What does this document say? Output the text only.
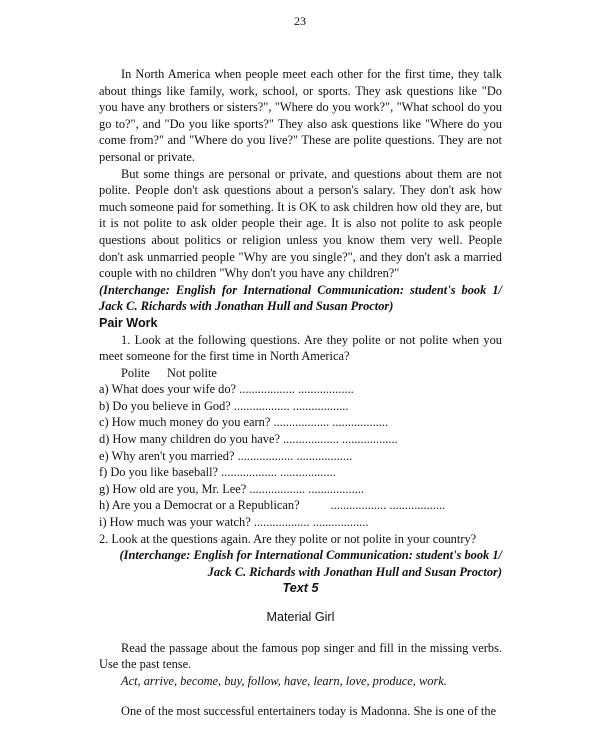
23

In North America when people meet each other for the first time, they talk about things like family, work, school, or sports. They ask questions like "Do you have any brothers or sisters?", "Where do you work?", "What school do you go to?", and "Do you like sports?" They also ask questions like "Where do you come from?" and "Where do you live?" These are polite questions. They are not personal or private.

But some things are personal or private, and questions about them are not polite. People don't ask questions about a person's salary. They don't ask how much someone paid for something. It is OK to ask children how old they are, but it is not polite to ask older people their age. It is also not polite to ask people questions about politics or religion unless you know them very well. People don't ask unmarried people "Why are you single?", and they don't ask a married couple with no children "Why don't you have any children?"

(Interchange: English for International Communication: student's book 1/ Jack C. Richards with Jonathan Hull and Susan Proctor)

Pair Work

1. Look at the following questions. Are they polite or not polite when you meet someone for the first time in North America?

Polite Not polite
a) What does your wife do? .................. ..................
b) Do you believe in God? .................. ..................
c) How much money do you earn? .................. ..................
d) How many children do you have? .................. ..................
e) Why aren't you married? .................. ..................
f) Do you like baseball? .................. ..................
g) How old are you, Mr. Lee? .................. ..................
h) Are you a Democrat or a Republican?          .................. ..................
i) How much was your watch? .................. ..................

2. Look at the questions again. Are they polite or not polite in your country?

(Interchange: English for International Communication: student's book 1/

Jack C. Richards with Jonathan Hull and Susan Proctor)

Text 5
Material Girl

Read the passage about the famous pop singer and fill in the missing verbs. Use the past tense.

Act, arrive, become, buy, follow, have, learn, love, produce, work.

One of the most successful entertainers today is Madonna. She is one of the
